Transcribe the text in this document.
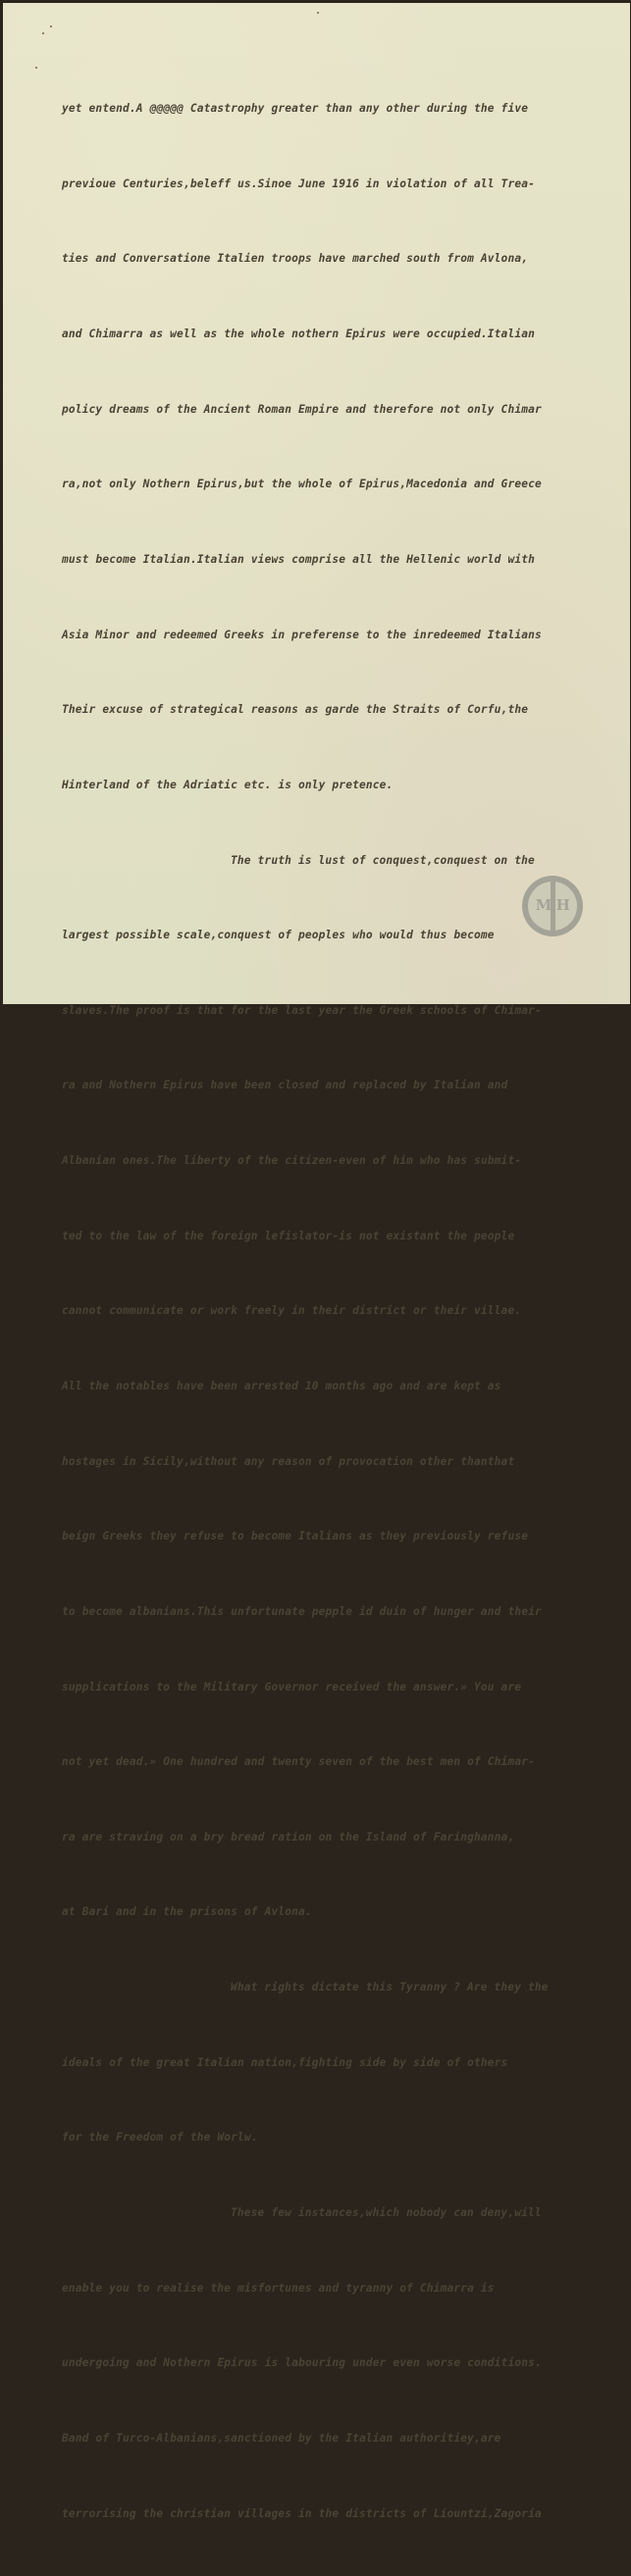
yet entend.A @@@@@ Catastrophy greater than any other during the five

previoue Centuries,beleff us.Sinoe June 1916 in violation of all Trea-

ties and Conversatione Italien troops have marched south from Avlona,

and Chimarra as well as the whole nothern Epirus were occupied.Italian

policy dreams of the Ancient Roman Empire and therefore not only Chimar

ra,not only Nothern Epirus,but the whole of Epirus,Macedonia and Greece

must become Italian.Italian views comprise all the Hellenic world with

Asia Minor and redeemed Greeks in preferense to the inredeemed Italians

Their excuse of strategical reasons as garde the Straits of Corfu,the

Hinterland of the Adriatic etc. is only pretence.

The truth is lust of conquest,conquest on the

largest possible scale,conquest of peoples who would thus become

slaves.The proof is that for the last year the Greek schools of Chimar-

ra and Nothern Epirus have been closed and replaced by Italian and

Albanian ones.The liberty of the citizen-even of him who has submit-

ted to the law of the foreign lefislator-is not existant the people

cannot communicate or work freely in their district or their villae.

All the notables have been arrested 10 months ago and are kept as

hostages in Sicily,without any reason of provocation other thanthat

beign Greeks they refuse to become Italians as they previously refuse

to become albanians.This unfortunate pepple id duin of hunger and their

supplications to the Military Governor received the answer.» You are

not yet dead.» One hundred and twenty seven of the best men of Chimar-

ra are straving on a bry bread ration on the Island of Faringhanna,

at Bari and in the prisons of Avlona.

What rights dictate this Tyranny ? Are they the

ideals of the great Italian nation,fighting side by side of others

for the Freedom of the Worlw.

These few instances,which nobody can deny,will

enable you to realise the misfortunes and tyranny of Chimarra is

undergoing and Nothern Epirus is labouring under even worse conditions.

Band of Turco-Albanians,sanctioned by the Italian authoritiey,are

terrorising the christian villages in the districts of Liountzi,Zagoria

M H
